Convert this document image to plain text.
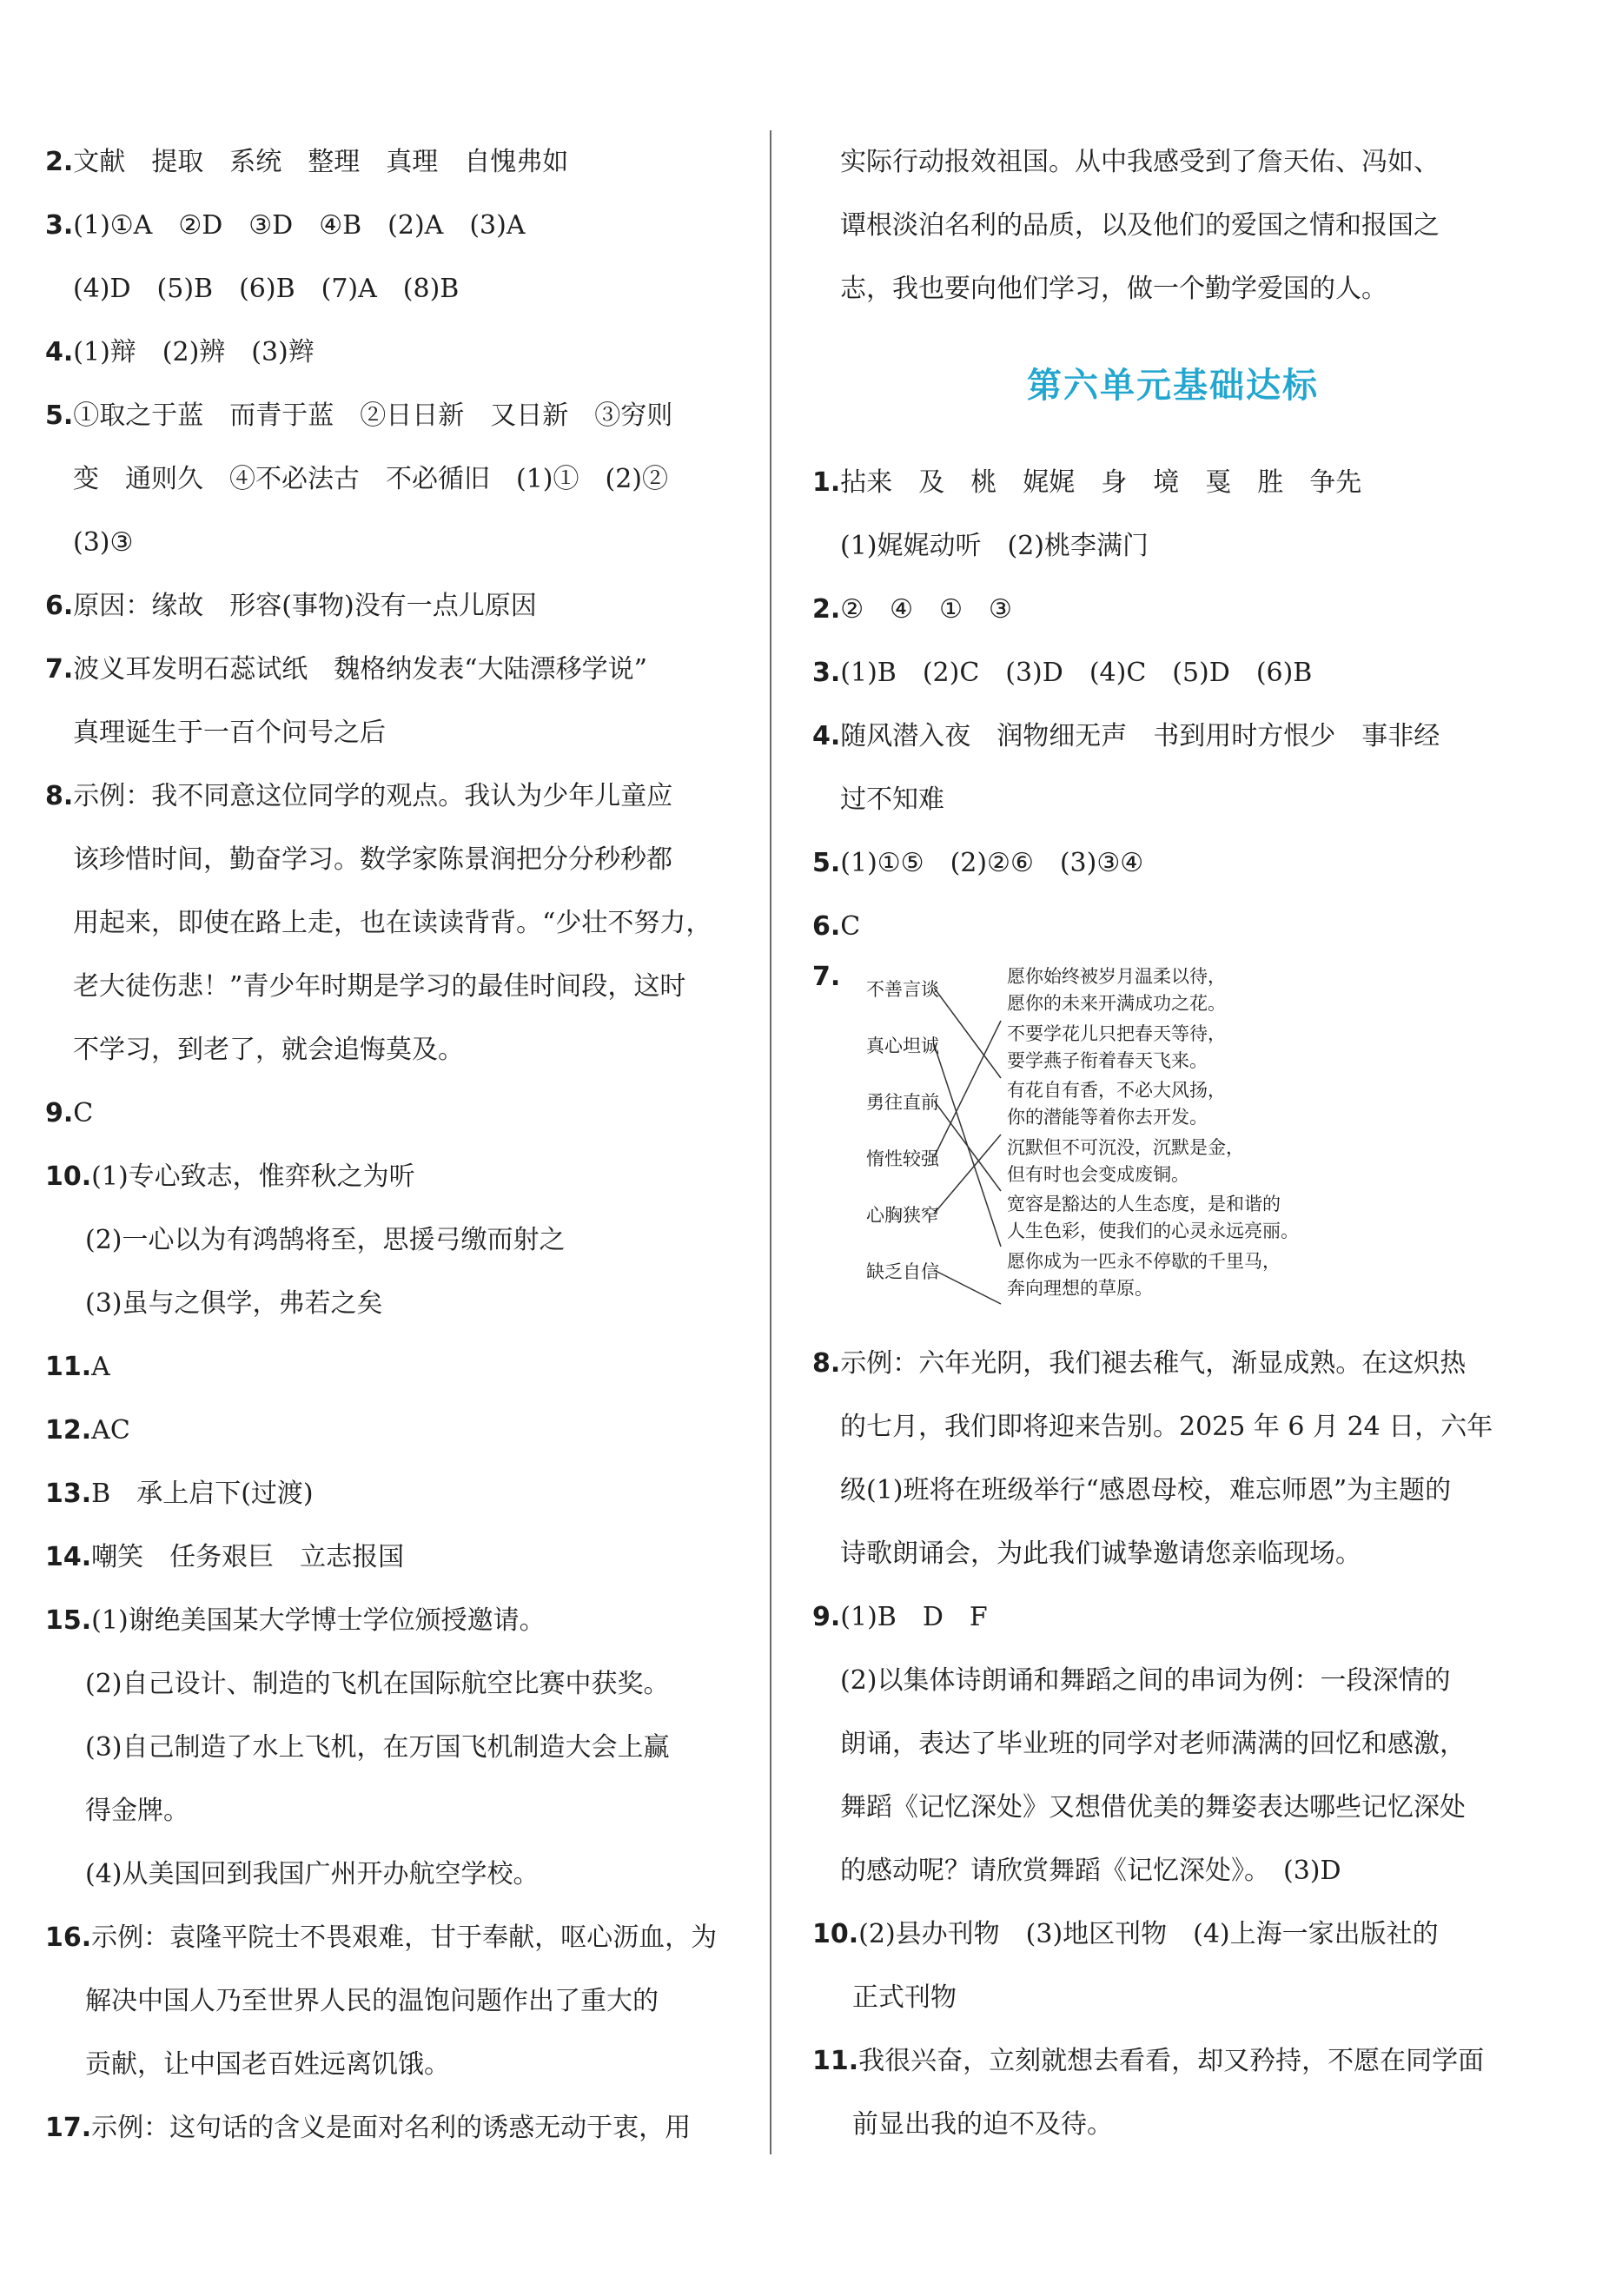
2.文献　提取　系统　整理　真理　自愧弗如
3.(1)①A　②D　③D　④B　(2)A　(3)A
(4)D　(5)B　(6)B　(7)A　(8)B
4.(1)辩　(2)辨　(3)辫
5.①取之于蓝　而青于蓝　②日日新　又日新　③穷则
变　通则久　④不必法古　不必循旧　(1)①　(2)②
(3)③
6.原因：缘故　形容(事物)没有一点儿原因
7.波义耳发明石蕊试纸　魏格纳发表“大陆漂移学说”
真理诞生于一百个问号之后
8.示例：我不同意这位同学的观点。我认为少年儿童应
该珍惜时间，勤奋学习。数学家陈景润把分分秒秒都
用起来，即使在路上走，也在读读背背。“少壮不努力，
老大徒伤悲！”青少年时期是学习的最佳时间段，这时
不学习，到老了，就会追悔莫及。
9.C
10.(1)专心致志，惟弈秋之为听
(2)一心以为有鸿鹄将至，思援弓缴而射之
(3)虽与之俱学，弗若之矣
11.A
12.AC
13.B　承上启下(过渡)
14.嘲笑　任务艰巨　立志报国
15.(1)谢绝美国某大学博士学位颁授邀请。
(2)自己设计、制造的飞机在国际航空比赛中获奖。
(3)自己制造了水上飞机，在万国飞机制造大会上赢
得金牌。
(4)从美国回到我国广州开办航空学校。
16.示例：袁隆平院士不畏艰难，甘于奉献，呕心沥血，为
解决中国人乃至世界人民的温饱问题作出了重大的
贡献，让中国老百姓远离饥饿。
17.示例：这句话的含义是面对名利的诱惑无动于衷，用
实际行动报效祖国。从中我感受到了詹天佑、冯如、
谭根淡泊名利的品质，以及他们的爱国之情和报国之
志，我也要向他们学习，做一个勤学爱国的人。
第六单元基础达标
1.拈来　及　桃　娓娓　身　境　戛　胜　争先
(1)娓娓动听　(2)桃李满门
2.②　④　①　③
3.(1)B　(2)C　(3)D　(4)C　(5)D　(6)B
4.随风潜入夜　润物细无声　书到用时方恨少　事非经
过不知难
5.(1)①⑤　(2)②⑥　(3)③④
6.C
7. 不善言谈
真心坦诚
勇往直前
惰性较强
心胸狭窄
缺乏自信
愿你始终被岁月温柔以待，
愿你的未来开满成功之花。
不要学花儿只把春天等待，
要学燕子衔着春天飞来。
有花自有香，不必大风扬，
你的潜能等着你去开发。
沉默但不可沉没，沉默是金，
但有时也会变成废铜。
宽容是豁达的人生态度，是和谐的
人生色彩，使我们的心灵永远亮丽。
愿你成为一匹永不停歇的千里马，
奔向理想的草原。
8.示例：六年光阴，我们褪去稚气，渐显成熟。在这炽热
的七月，我们即将迎来告别。2025 年 6 月 24 日，六年
级(1)班将在班级举行“感恩母校，难忘师恩”为主题的
诗歌朗诵会，为此我们诚挚邀请您亲临现场。
9.(1)B　D　F
(2)以集体诗朗诵和舞蹈之间的串词为例：一段深情的
朗诵，表达了毕业班的同学对老师满满的回忆和感激，
舞蹈《记忆深处》又想借优美的舞姿表达哪些记忆深处
的感动呢？请欣赏舞蹈《记忆深处》。　(3)D
10.(2)县办刊物　(3)地区刊物　(4)上海一家出版社的
正式刊物
11.我很兴奋，立刻就想去看看，却又矜持，不愿在同学面
前显出我的迫不及待。
